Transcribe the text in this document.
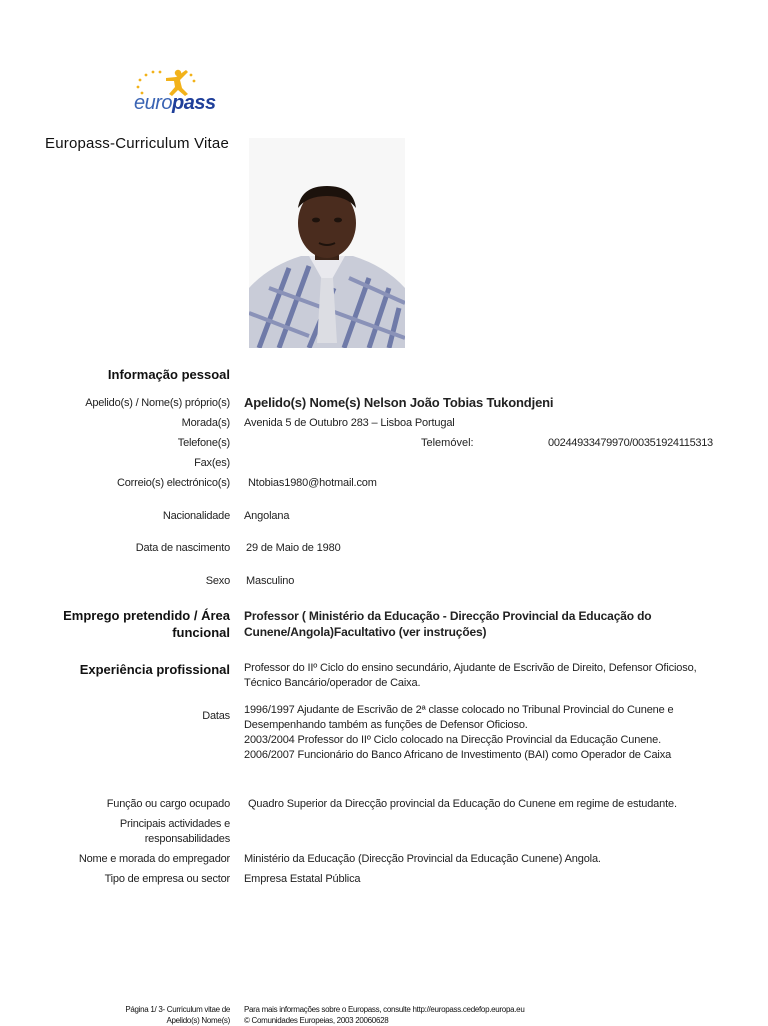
europass
Europass-Curriculum Vitae
Informação pessoal
Apelido(s) / Nome(s) próprio(s) Apelido(s) Nome(s) Nelson João Tobias Tukondjeni
Morada(s) Avenida 5 de Outubro 283 – Lisboa Portugal
Telefone(s)	Telemóvel:	00244933479970/00351924115313
Fax(es)
Correio(s) electrónico(s) Ntobias1980@hotmail.com
Nacionalidade Angolana
Data de nascimento 29 de Maio de 1980
Sexo Masculino
Emprego pretendido / Área funcional
Professor ( Ministério da Educação - Direcção Provincial da Educação do Cunene/Angola)Facultativo (ver instruções)
Experiência profissional Professor do IIº Ciclo do ensino secundário, Ajudante de Escrivão de Direito, Defensor Oficioso, Técnico Bancário/operador de Caixa.
Datas 1996/1997 Ajudante de Escrivão de 2ª classe colocado no Tribunal Provincial do Cunene e
Desempenhando também as funções de Defensor Oficioso.
2003/2004 Professor do IIº Ciclo colocado na Direcção Provincial da Educação Cunene.
2006/2007 Funcionário do Banco Africano de Investimento (BAI) como Operador de Caixa
Função ou cargo ocupado Quadro Superior da Direcção provincial da Educação do Cunene em regime de estudante.
Principais actividades e responsabilidades
Nome e morada do empregador Ministério da Educação (Direcção Provincial da Educação Cunene) Angola.
Tipo de empresa ou sector Empresa Estatal Pública
Página 1/ 3- Curriculum vitae de
Apelido(s) Nome(s)
Para mais informações sobre o Europass, consulte http://europass.cedefop.europa.eu
© Comunidades Europeias, 2003 20060628
